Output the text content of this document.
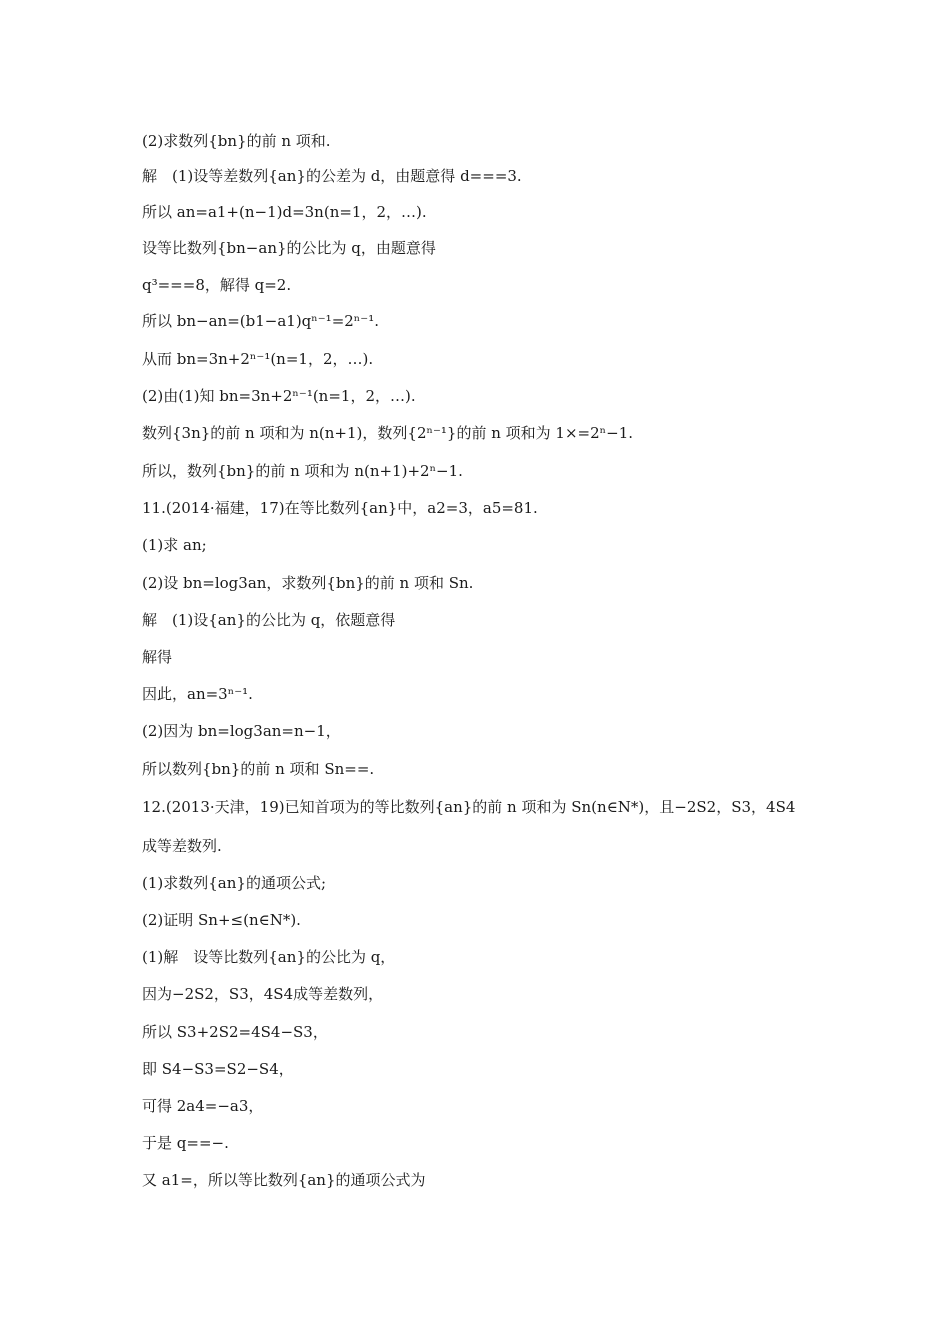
(2)求数列{bn}的前 n 项和.
解　(1)设等差数列{an}的公差为 d，由题意得 d===3.
所以 an=a1+(n−1)d=3n(n=1，2，…).
设等比数列{bn−an}的公比为 q，由题意得
q³===8，解得 q=2.
所以 bn−an=(b1−a1)qⁿ⁻¹=2ⁿ⁻¹.
从而 bn=3n+2ⁿ⁻¹(n=1，2，…).
(2)由(1)知 bn=3n+2ⁿ⁻¹(n=1，2，…).
数列{3n}的前 n 项和为 n(n+1)，数列{2ⁿ⁻¹}的前 n 项和为 1×=2ⁿ−1.
所以，数列{bn}的前 n 项和为 n(n+1)+2ⁿ−1.
11.(2014·福建，17)在等比数列{an}中，a2=3，a5=81.
(1)求 an;
(2)设 bn=log3an，求数列{bn}的前 n 项和 Sn.
解　(1)设{an}的公比为 q，依题意得
解得
因此，an=3ⁿ⁻¹.
(2)因为 bn=log3an=n−1，
所以数列{bn}的前 n 项和 Sn==.
12.(2013·天津，19)已知首项为的等比数列{an}的前 n 项和为 Sn(n∈N*)，且−2S2，S3，4S4
成等差数列.
(1)求数列{an}的通项公式;
(2)证明 Sn+≤(n∈N*).
(1)解　设等比数列{an}的公比为 q，
因为−2S2，S3，4S4成等差数列，
所以 S3+2S2=4S4−S3，
即 S4−S3=S2−S4，
可得 2a4=−a3，
于是 q==−.
又 a1=，所以等比数列{an}的通项公式为
